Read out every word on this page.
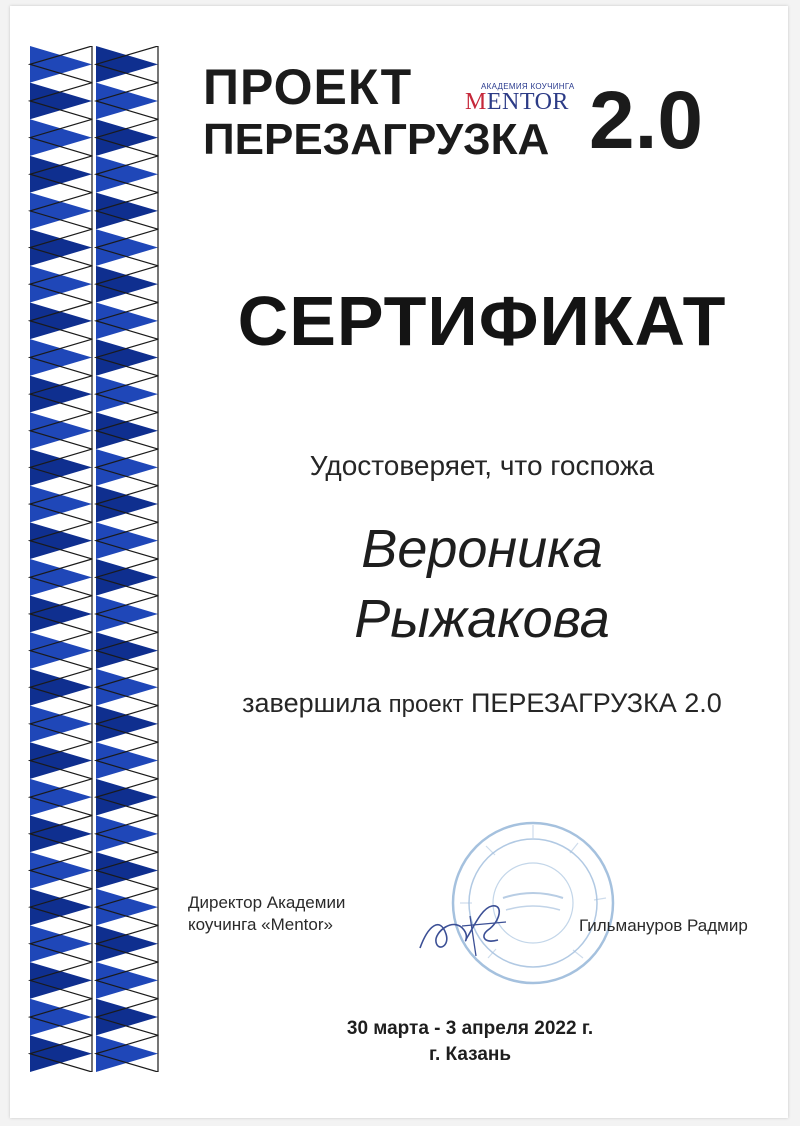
ПРОЕКТ	АКАДЕМИЯ КОУЧИНГА
MENTOR
ПЕРЕЗАГРУЗКА 2.0
СЕРТИФИКАТ
Удостоверяет, что госпожа
Вероника
Рыжакова
завершила проект ПЕРЕЗАГРУЗКА 2.0
Директор Академии
коучинга «Mentor»	Гильмануров Радмир
30 марта - 3 апреля 2022 г.
г. Казань
